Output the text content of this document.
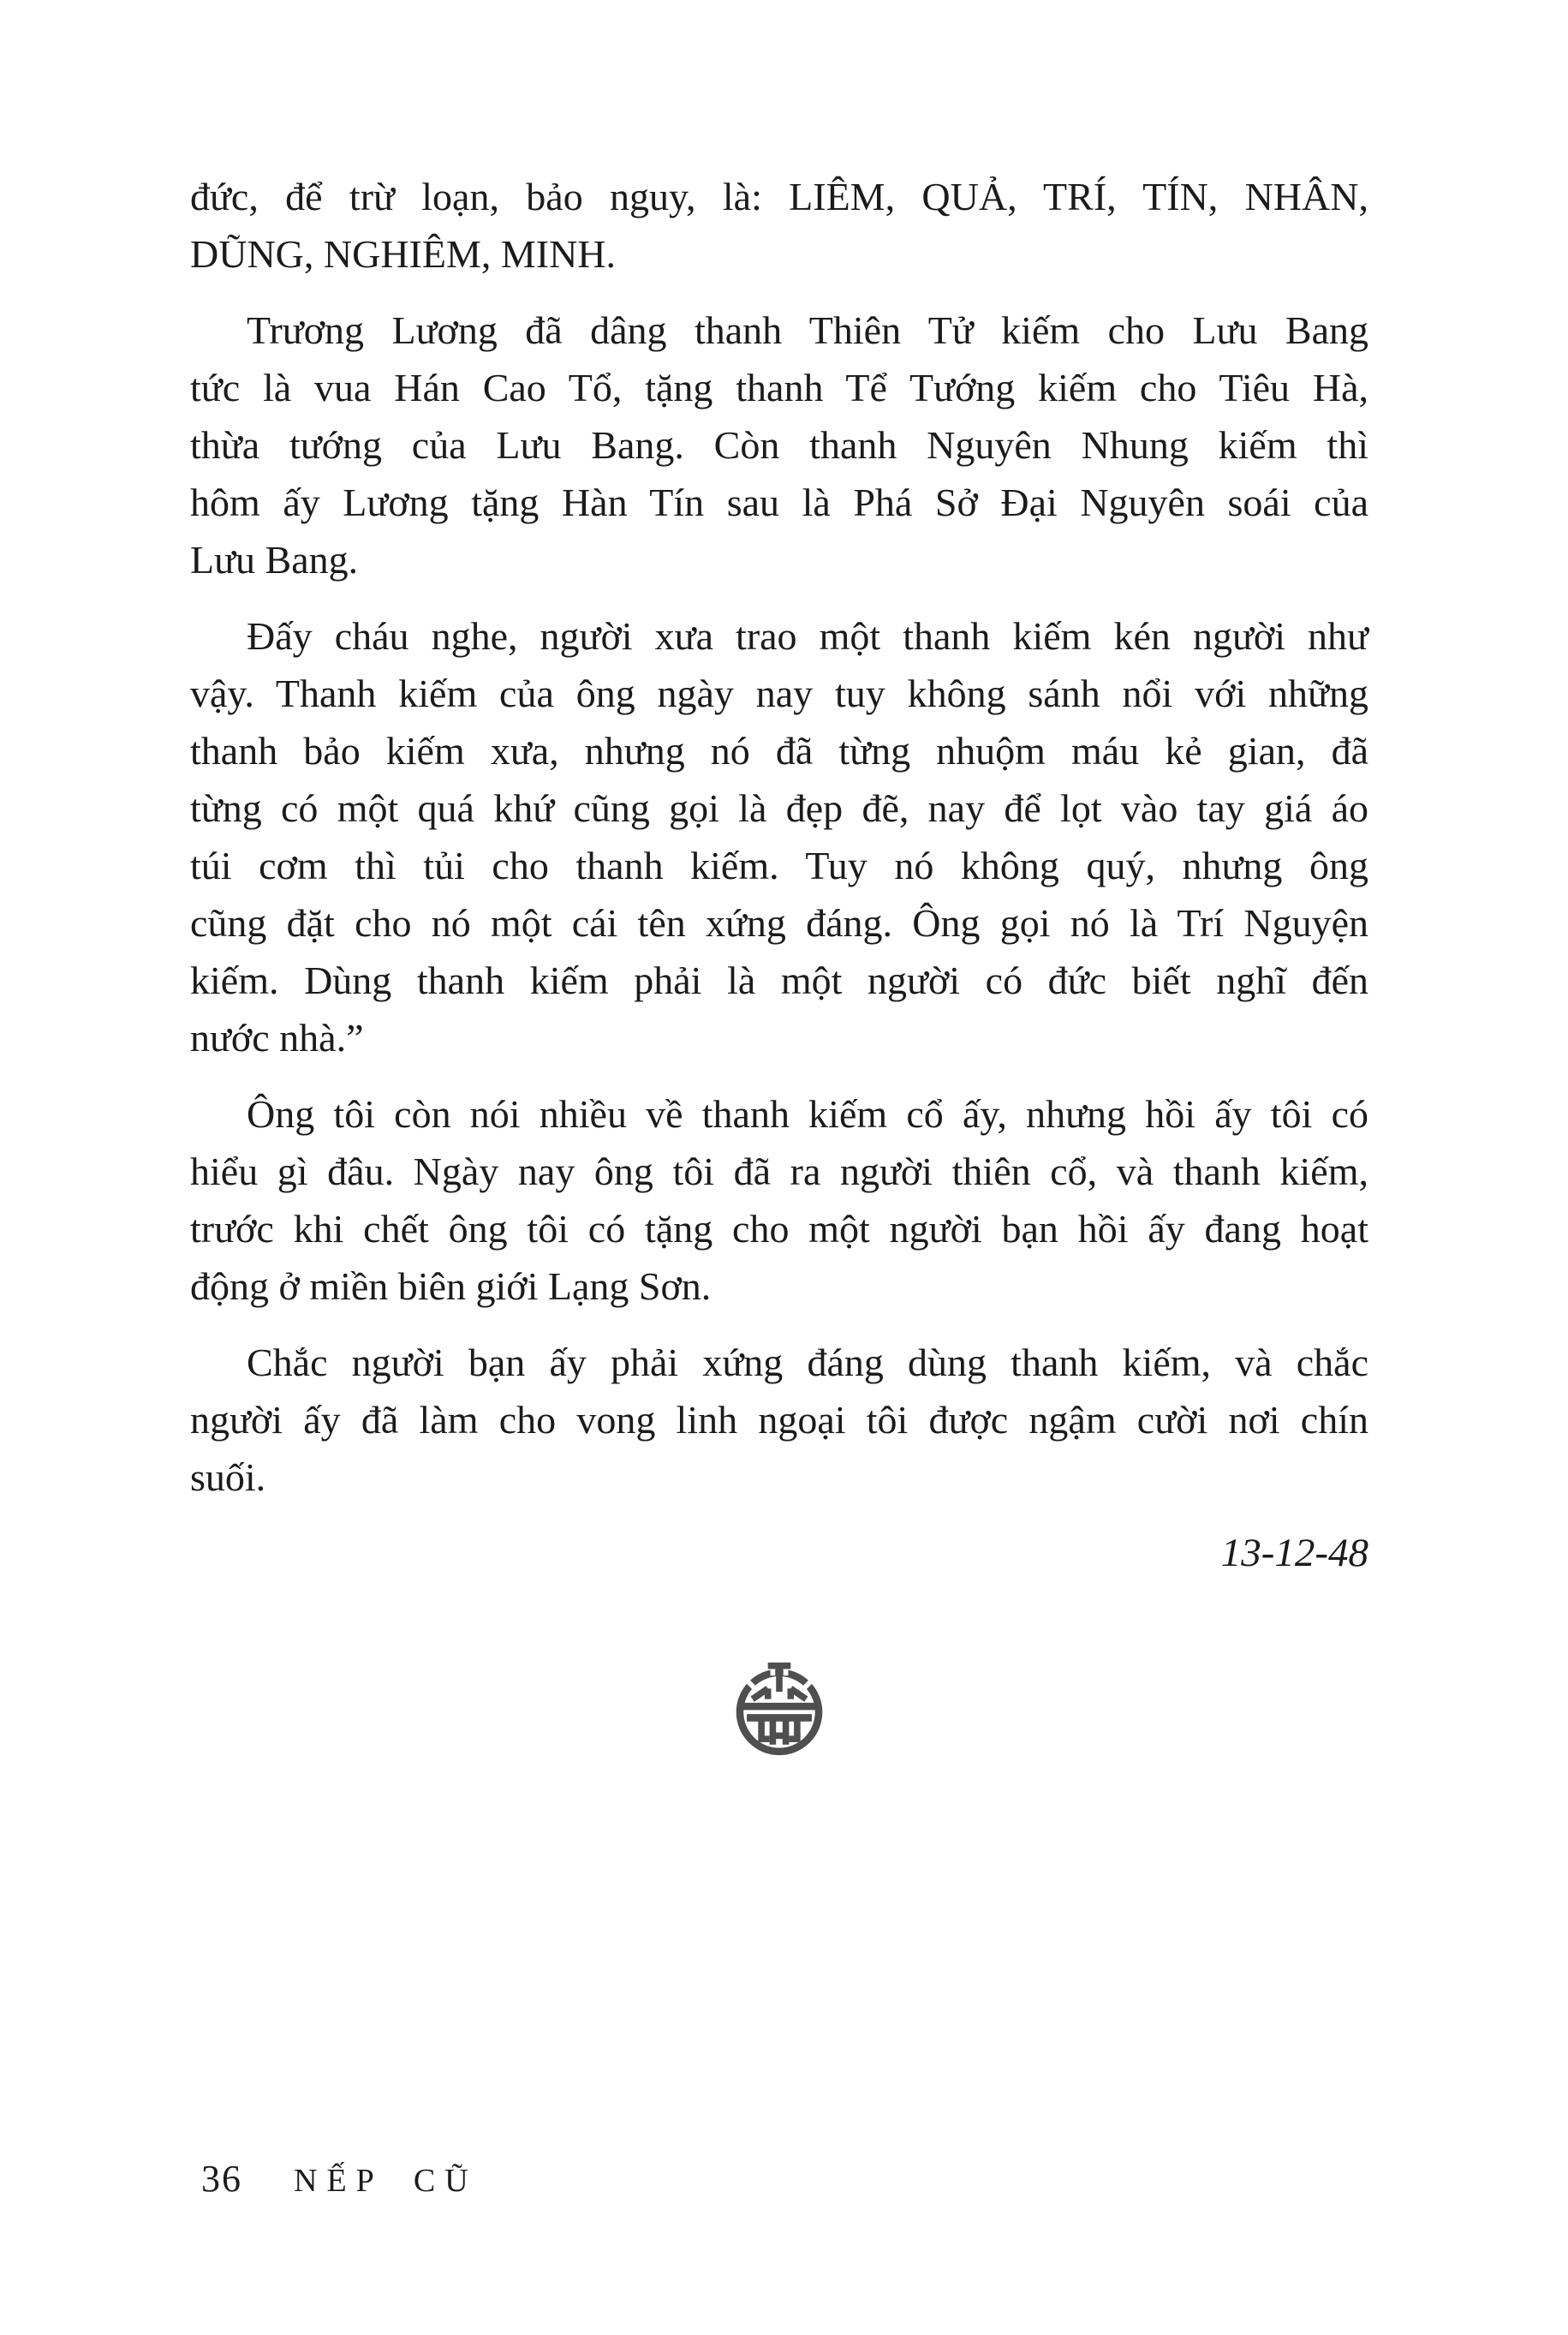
đức, để trừ loạn, bảo nguy, là: LIÊM, QUẢ, TRÍ, TÍN, NHÂN,
DŨNG, NGHIÊM, MINH.
Trương Lương đã dâng thanh Thiên Tử kiếm cho Lưu Bang
tức là vua Hán Cao Tổ, tặng thanh Tể Tướng kiếm cho Tiêu Hà,
thừa tướng của Lưu Bang. Còn thanh Nguyên Nhung kiếm thì
hôm ấy Lương tặng Hàn Tín sau là Phá Sở Đại Nguyên soái của
Lưu Bang.
Đấy cháu nghe, người xưa trao một thanh kiếm kén người như
vậy. Thanh kiếm của ông ngày nay tuy không sánh nổi với những
thanh bảo kiếm xưa, nhưng nó đã từng nhuộm máu kẻ gian, đã
từng có một quá khứ cũng gọi là đẹp đẽ, nay để lọt vào tay giá áo
túi cơm thì tủi cho thanh kiếm. Tuy nó không quý, nhưng ông
cũng đặt cho nó một cái tên xứng đáng. Ông gọi nó là Trí Nguyện
kiếm. Dùng thanh kiếm phải là một người có đức biết nghĩ đến
nước nhà.”
Ông tôi còn nói nhiều về thanh kiếm cổ ấy, nhưng hồi ấy tôi có
hiểu gì đâu. Ngày nay ông tôi đã ra người thiên cổ, và thanh kiếm,
trước khi chết ông tôi có tặng cho một người bạn hồi ấy đang hoạt
động ở miền biên giới Lạng Sơn.
Chắc người bạn ấy phải xứng đáng dùng thanh kiếm, và chắc
người ấy đã làm cho vong linh ngoại tôi được ngậm cười nơi chín
suối.
13-12-48
36 NẾP CŨ
